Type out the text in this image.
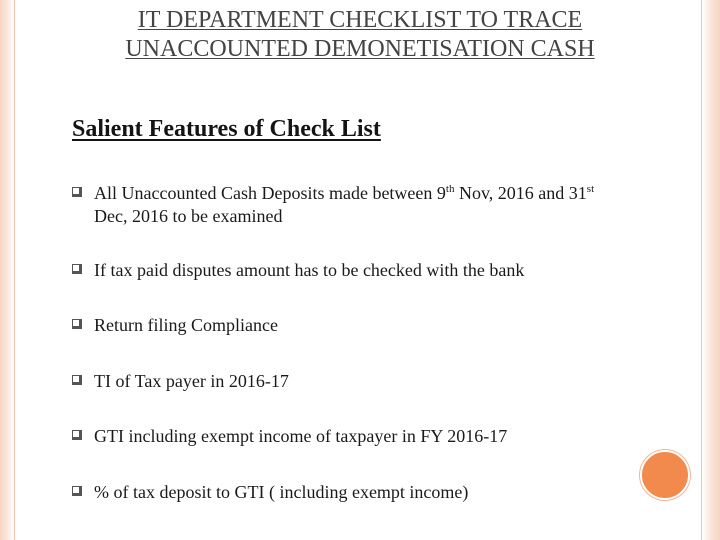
IT DEPARTMENT CHECKLIST TO TRACE
UNACCOUNTED DEMONETISATION CASH
Salient Features of Check List
All Unaccounted Cash Deposits made between 9th Nov, 2016 and 31st
Dec, 2016 to be examined
If tax paid disputes amount has to be checked with the bank
Return filing Compliance
TI of Tax payer in 2016-17
GTI including exempt income of taxpayer in FY 2016-17
% of tax deposit to GTI ( including exempt income)
